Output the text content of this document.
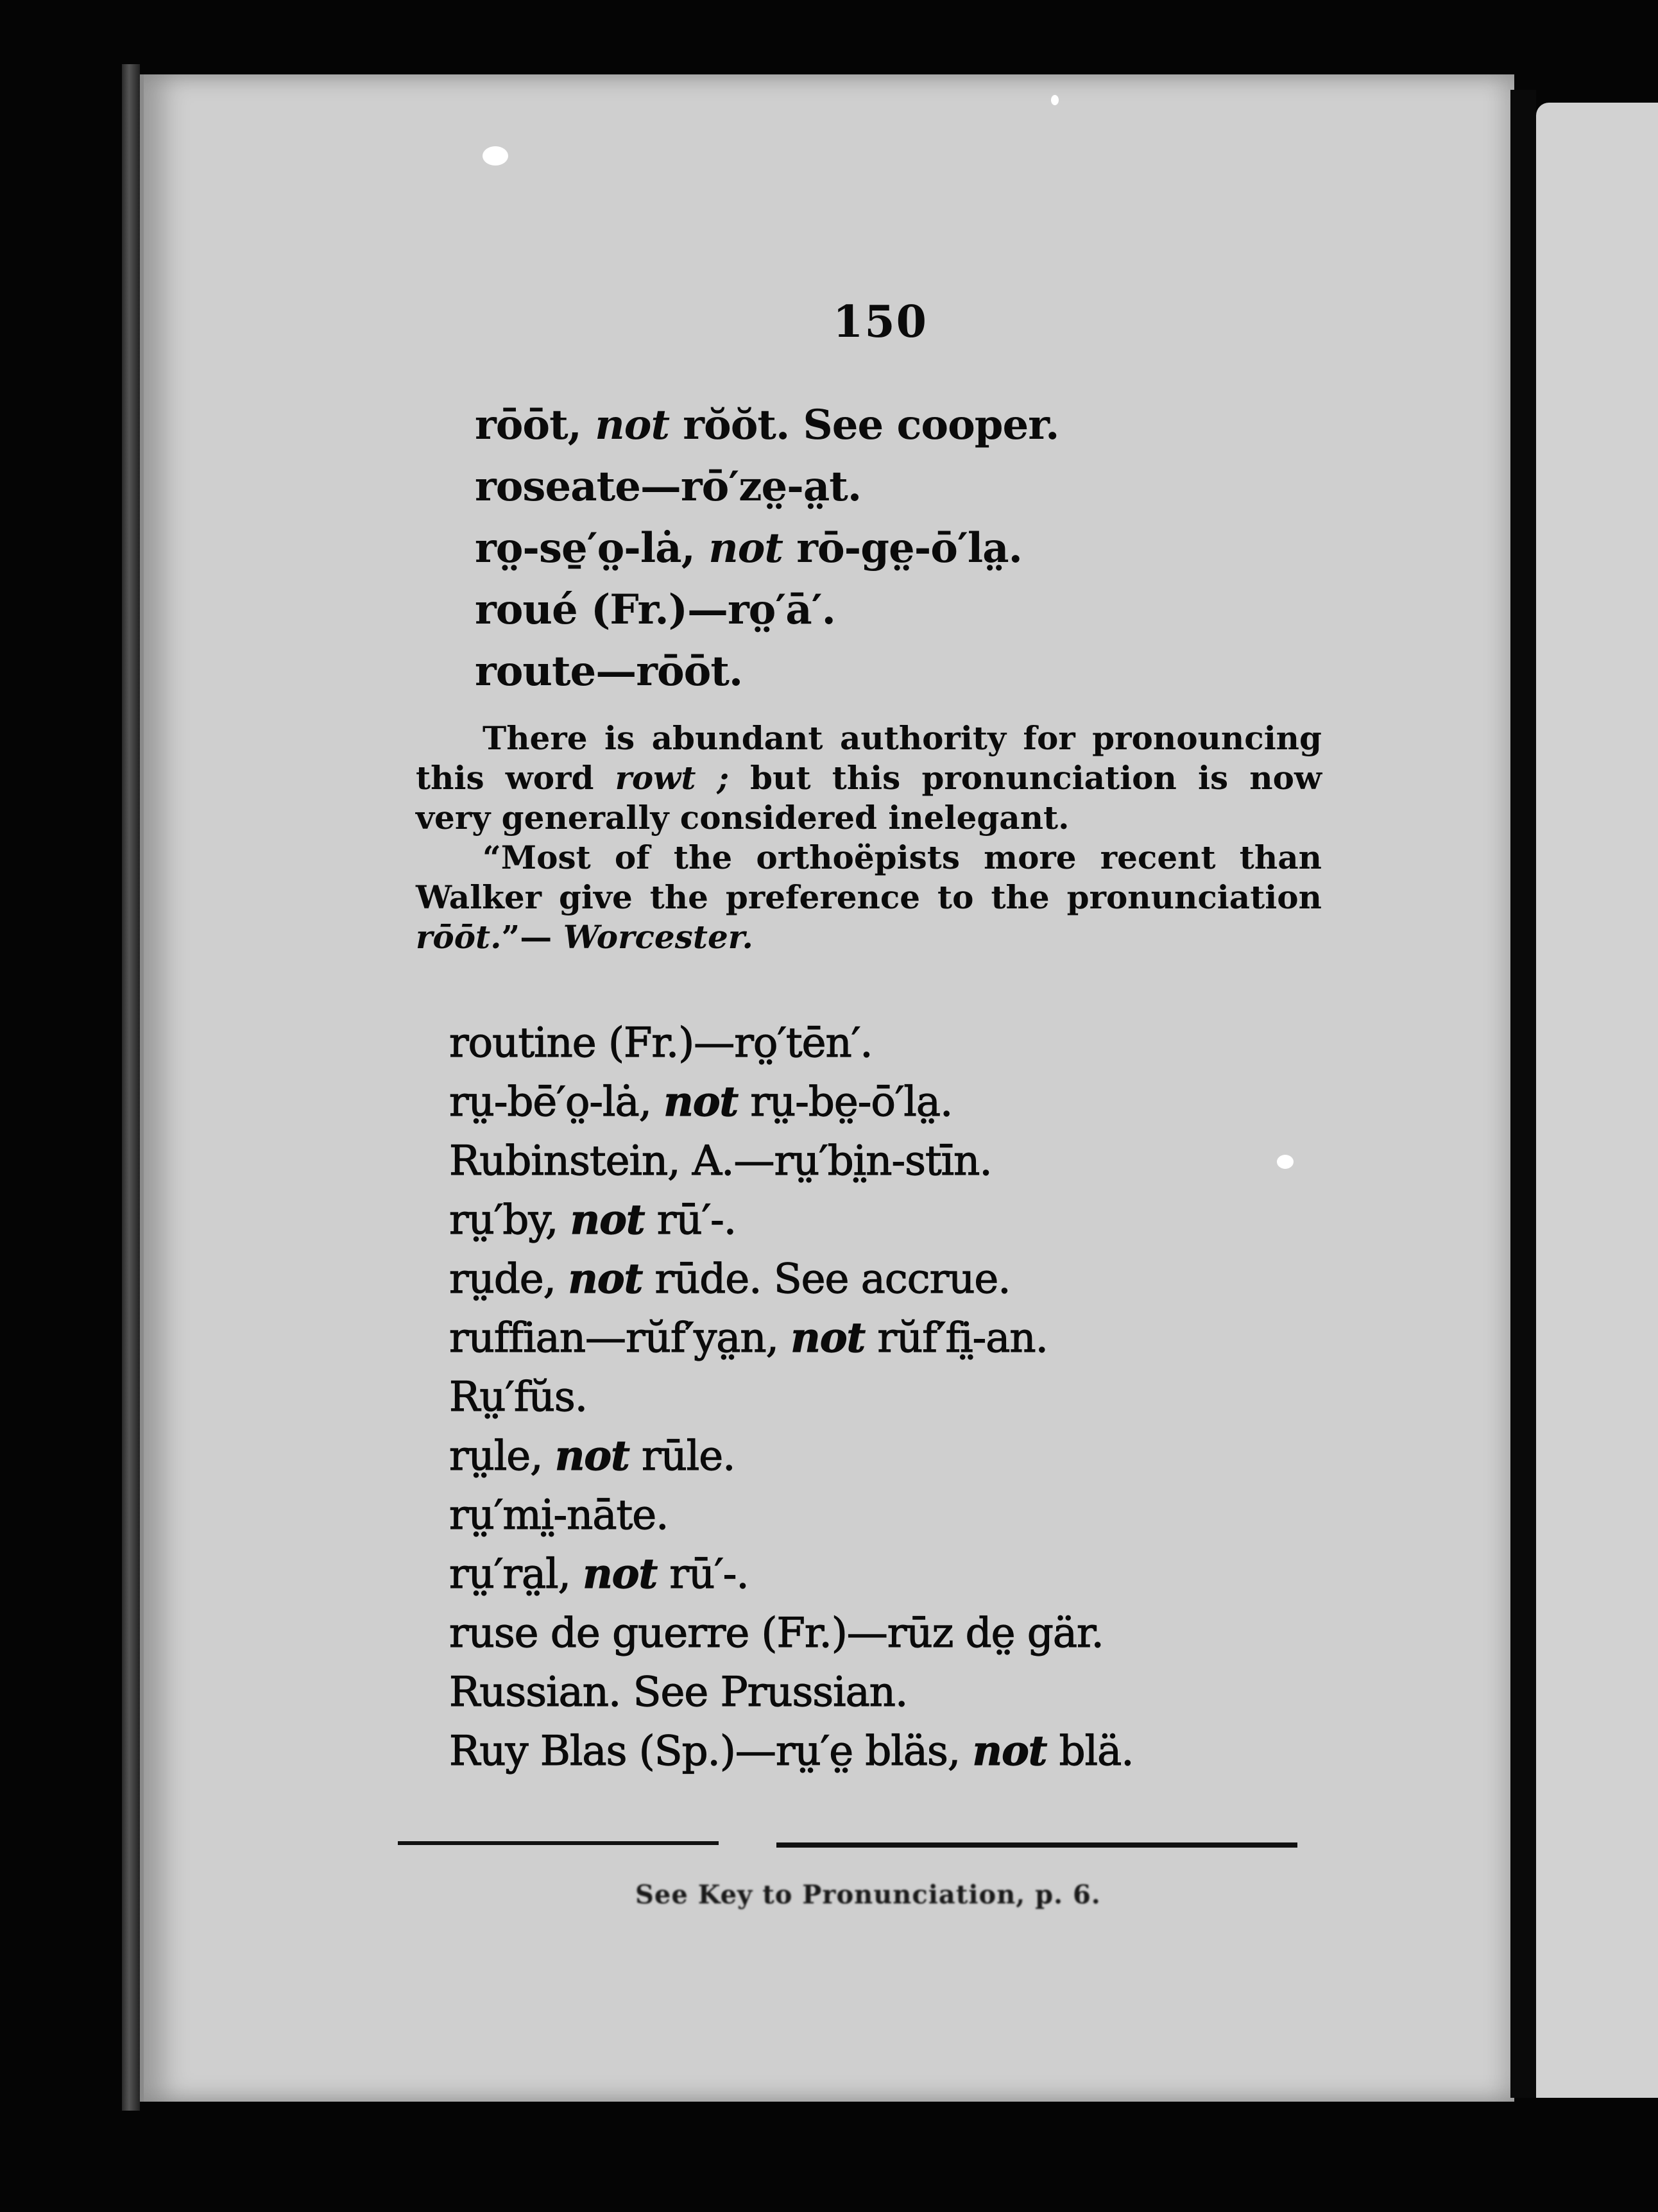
150
rōōt, not rŏŏt. See cooper.
roseate—rō′ze̤-a̤t.
ro̤-se̱′o̤-lȧ, not rō-ge̤-ō′la̤.
roué (Fr.)—ro̤′ā′.
route—rōōt.

There is abundant authority for pronouncing this word rowt ; but this pronunciation is now very generally considered inelegant.

“Most of the orthoëpists more recent than Walker give the preference to the pronunciation rōōt.”— Worcester.

routine (Fr.)—ro̤′tēn′.
rṳ-bē′o̤-lȧ, not rṳ-be̤-ō′la̤.
Rubinstein, A.—rṳ′bi̤n-stīn.
rṳ′by, not rū′-.
rṳde, not rūde. See accrue.
ruffian—rŭf′ya̤n, not rŭf′fi̤-an.
Rṳ′fŭs.
rṳle, not rūle.
rṳ′mi̤-nāte.
rṳ′ra̤l, not rū′-.
ruse de guerre (Fr.)—rūz de̤ gär.
Russian. See Prussian.
Ruy Blas (Sp.)—rṳ′e̤ bläs, not blä.
See Key to Pronunciation, p. 6.
